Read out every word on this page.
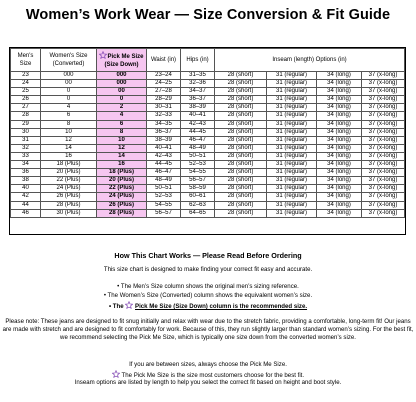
Women’s Work Wear — Size Conversion & Fit Guide
Men's Size	Women's Size (Converted)	Pick Me Size (Size Down)	Waist (in)	Hips (in)	Inseam (length) Options (in)			
23	000	000	23–24	31–35	28 (short)	31 (regular)	34 (long)	37 (x-long)
24	00	000	24–25	32–36	28 (short)	31 (regular)	34 (long)	37 (x-long)
25	0	00	27–28	34–37	28 (short)	31 (regular)	34 (long)	37 (x-long)
26	0	0	28–29	36–37	28 (short)	31 (regular)	34 (long)	37 (x-long)
27	4	2	30–31	38–39	28 (short)	31 (regular)	34 (long)	37 (x-long)
28	6	4	32–33	40–41	28 (short)	31 (regular)	34 (long)	37 (x-long)
29	8	6	34–35	42–43	28 (short)	31 (regular)	34 (long)	37 (x-long)
30	10	8	36–37	44–45	28 (short)	31 (regular)	34 (long)	37 (x-long)
31	12	10	38–39	46–47	28 (short)	31 (regular)	34 (long)	37 (x-long)
32	14	12	40–41	48–49	28 (short)	31 (regular)	34 (long)	37 (x-long)
33	16	14	42–43	50–51	28 (short)	31 (regular)	34 (long)	37 (x-long)
34	18 (Plus)	16	44–45	52–53	28 (short)	31 (regular)	34 (long)	37 (x-long)
36	20 (Plus)	18 (Plus)	46–47	54–55	28 (short)	31 (regular)	34 (long)	37 (x-long)
38	22 (Plus)	20 (Plus)	48–49	56–57	28 (short)	31 (regular)	34 (long)	37 (x-long)
40	24 (Plus)	22 (Plus)	50–51	58–59	28 (short)	31 (regular)	34 (long)	37 (x-long)
42	26 (Plus)	24 (Plus)	52–53	60–61	28 (short)	31 (regular)	34 (long)	37 (x-long)
44	28 (Plus)	26 (Plus)	54–55	62–63	28 (short)	31 (regular)	34 (long)	37 (x-long)
46	30 (Plus)	28 (Plus)	56–57	64–65	28 (short)	31 (regular)	34 (long)	37 (x-long)
How This Chart Works — Please Read Before Ordering
This size chart is designed to make finding your correct fit easy and accurate.
• The Men’s Size column shows the original men’s sizing reference.
• The Women’s Size (Converted) column shows the equivalent women’s size.
• The Pick Me Size (Size Down) column is the recommended size.
Please note: These jeans are designed to fit snug initially and relax with wear due to the stretch fabric, providing a comfortable, long-term fit! Our jeans are made with stretch and are designed to fit comfortably for work. Because of this, they run slightly larger than standard women’s sizing. For the best fit, we recommend selecting the Pick Me Size, which is typically one size down from the converted women’s size.
If you are between sizes, always choose the Pick Me Size.
The Pick Me Size is the size most customers choose for the best fit.
Inseam options are listed by length to help you select the correct fit based on height and boot style.
